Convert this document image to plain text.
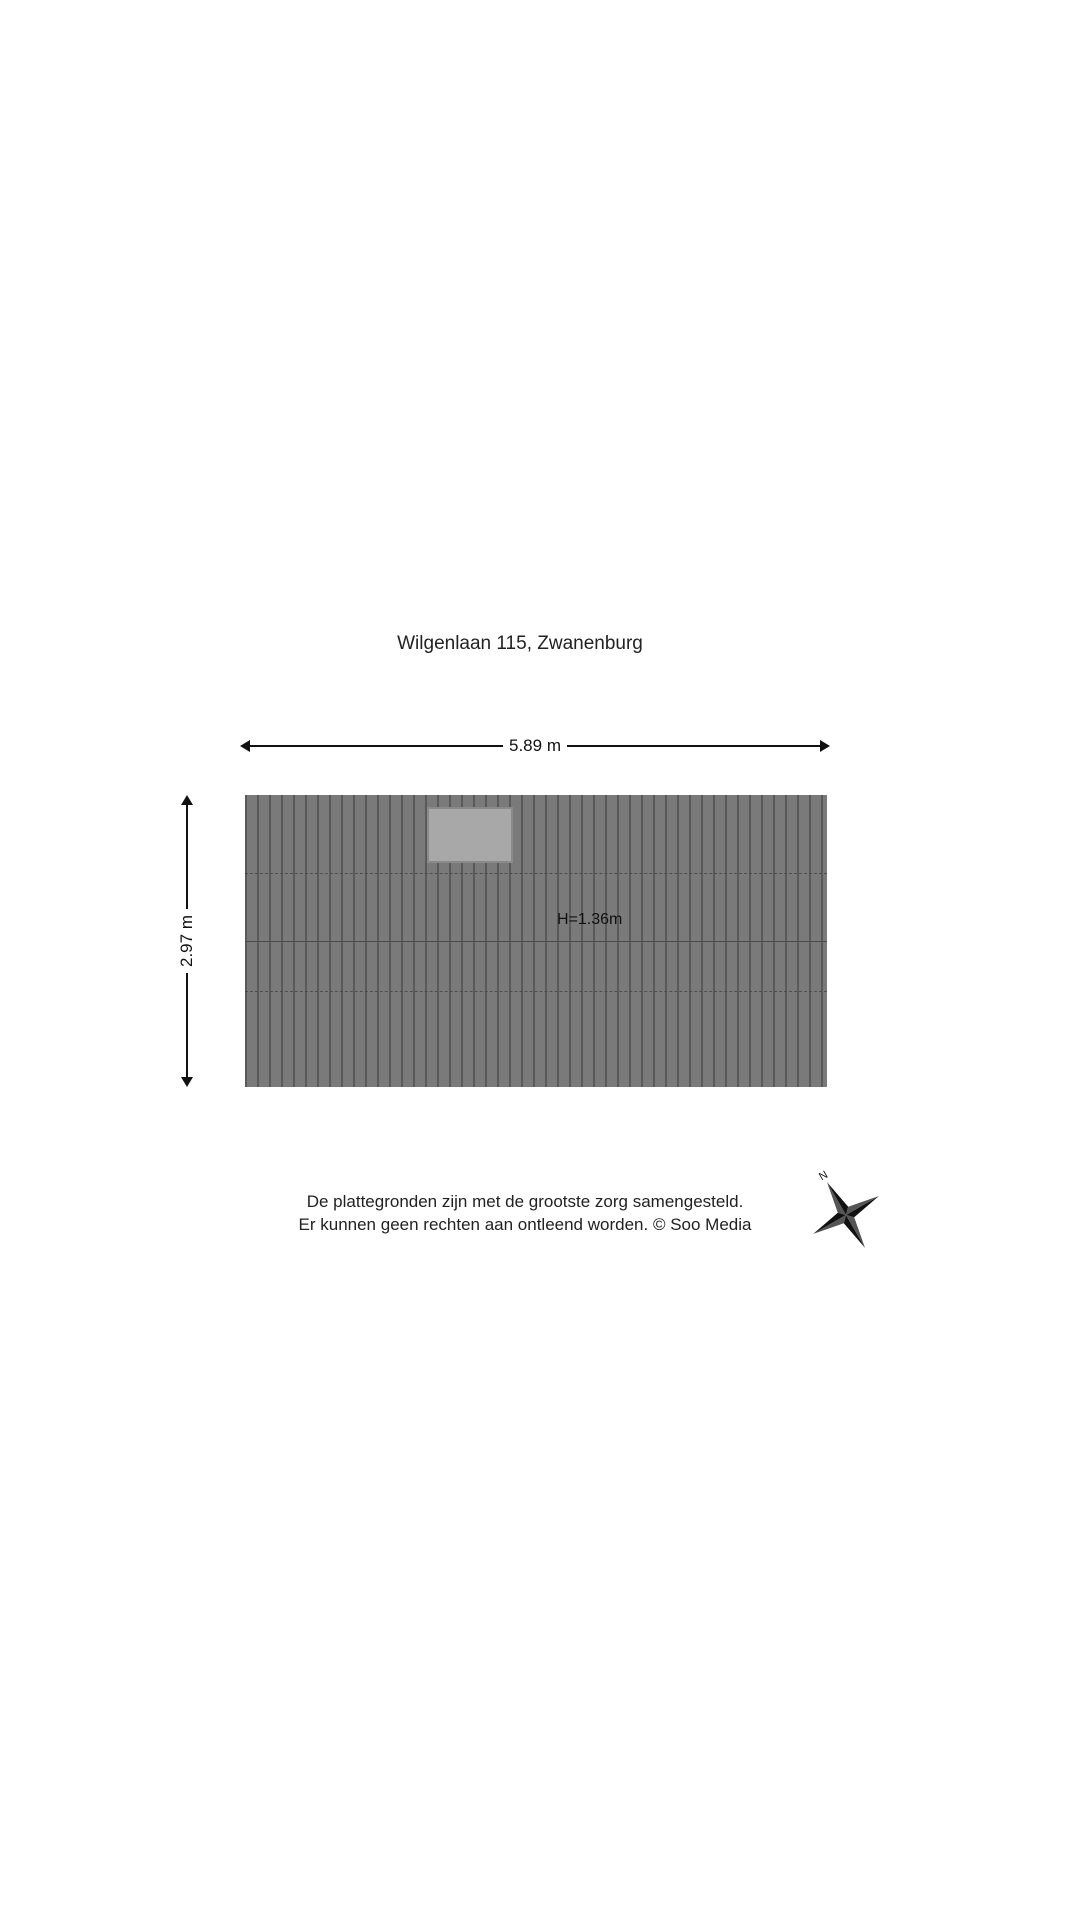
Wilgenlaan 115, Zwanenburg
5.89 m
2.97 m	H=1.36m
De plattegronden zijn met de grootste zorg samengesteld.
Er kunnen geen rechten aan ontleend worden. © Soo Media
N
